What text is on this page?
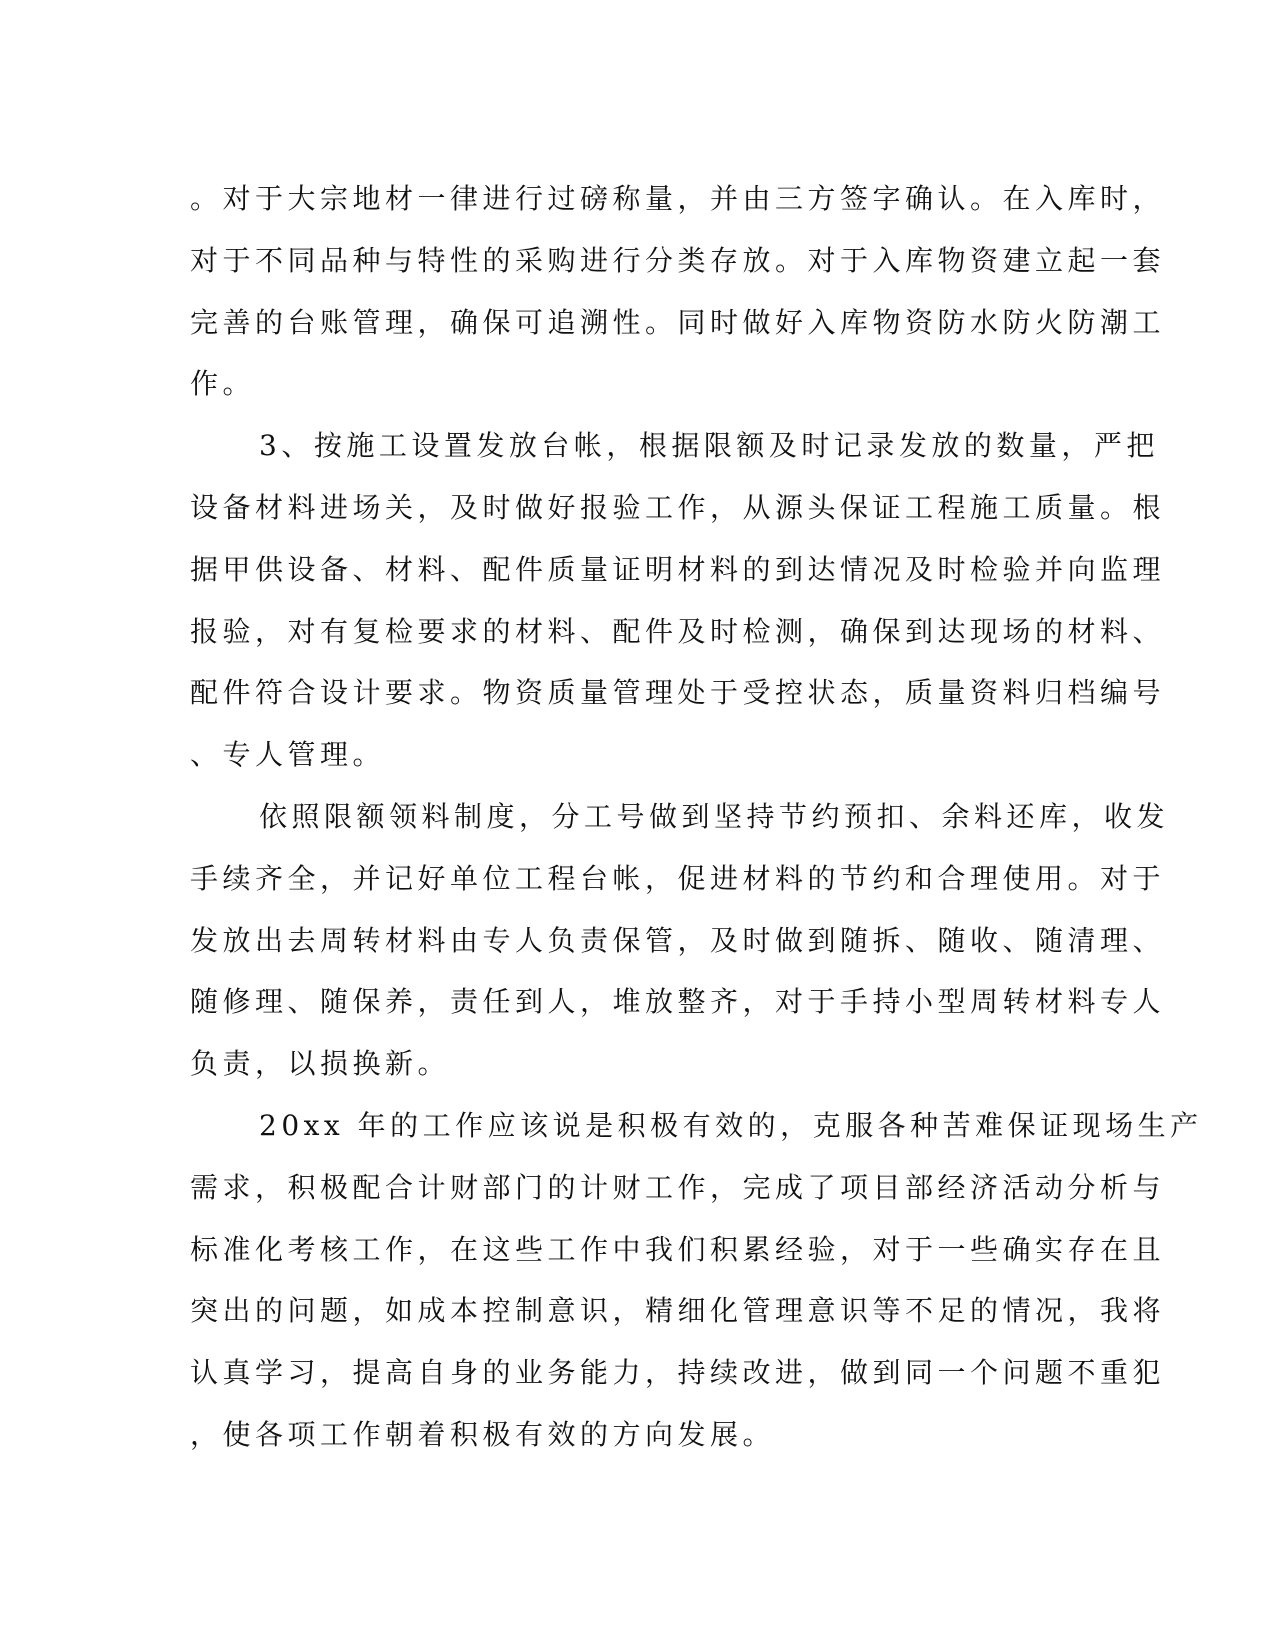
。对于大宗地材一律进行过磅称量，并由三方签字确认。在入库时，
对于不同品种与特性的采购进行分类存放。对于入库物资建立起一套
完善的台账管理，确保可追溯性。同时做好入库物资防水防火防潮工
作。
3、按施工设置发放台帐，根据限额及时记录发放的数量，严把
设备材料进场关，及时做好报验工作，从源头保证工程施工质量。根
据甲供设备、材料、配件质量证明材料的到达情况及时检验并向监理
报验，对有复检要求的材料、配件及时检测，确保到达现场的材料、
配件符合设计要求。物资质量管理处于受控状态，质量资料归档编号
、专人管理。
依照限额领料制度，分工号做到坚持节约预扣、余料还库，收发
手续齐全，并记好单位工程台帐，促进材料的节约和合理使用。对于
发放出去周转材料由专人负责保管，及时做到随拆、随收、随清理、
随修理、随保养，责任到人，堆放整齐，对于手持小型周转材料专人
负责，以损换新。
20xx 年的工作应该说是积极有效的，克服各种苦难保证现场生产
需求，积极配合计财部门的计财工作，完成了项目部经济活动分析与
标准化考核工作，在这些工作中我们积累经验，对于一些确实存在且
突出的问题，如成本控制意识，精细化管理意识等不足的情况，我将
认真学习，提高自身的业务能力，持续改进，做到同一个问题不重犯
，使各项工作朝着积极有效的方向发展。
